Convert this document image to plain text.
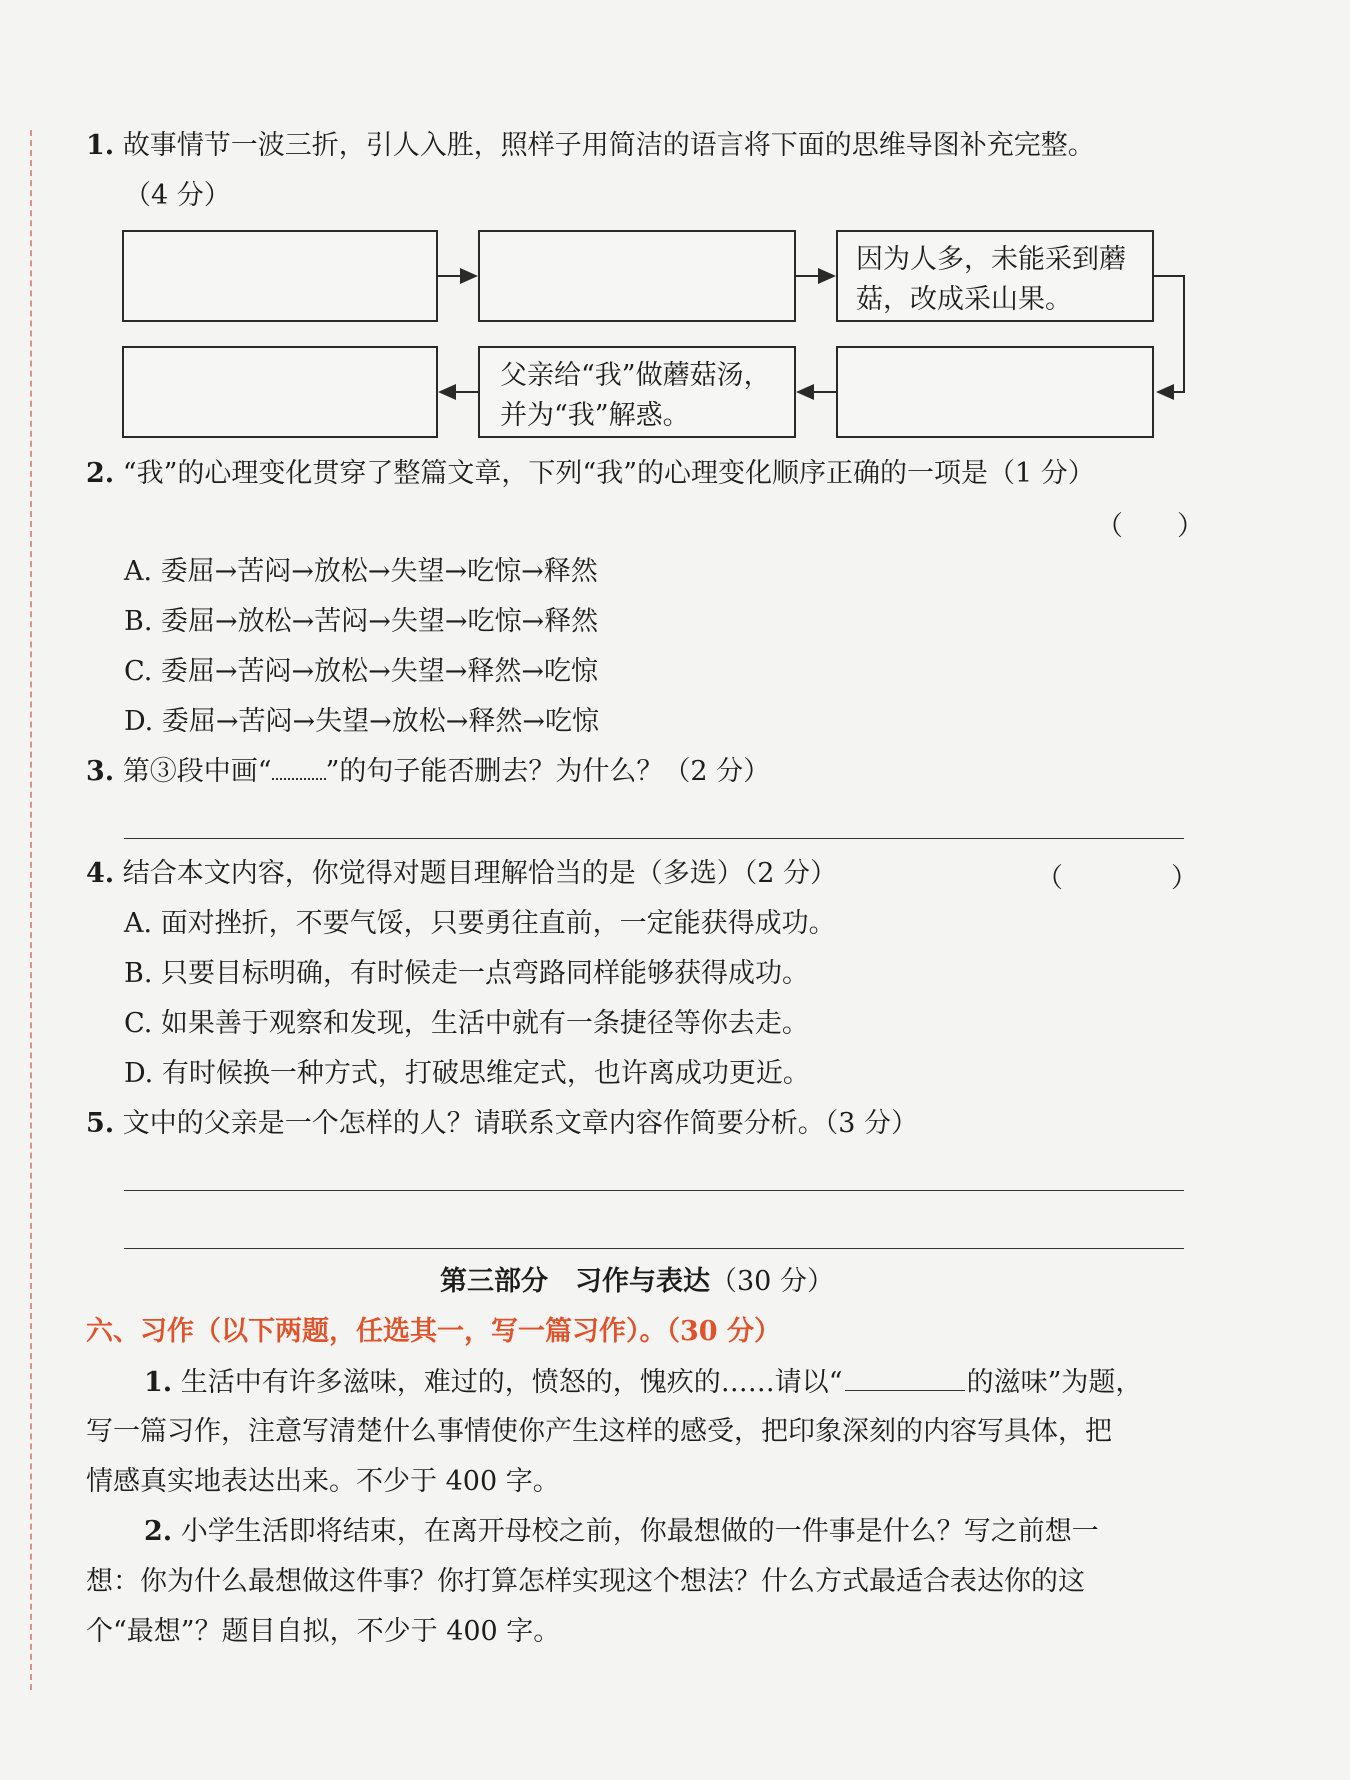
1. 故事情节一波三折，引人入胜，照样子用简洁的语言将下面的思维导图补充完整。
（4 分）
因为人多，未能采到蘑菇，改成采山果。
父亲给“我”做蘑菇汤，并为“我”解惑。
2. “我”的心理变化贯穿了整篇文章，下列“我”的心理变化顺序正确的一项是（1 分）
（　　）
A. 委屈→苦闷→放松→失望→吃惊→释然
B. 委屈→放松→苦闷→失望→吃惊→释然
C. 委屈→苦闷→放松→失望→释然→吃惊
D. 委屈→苦闷→失望→放松→释然→吃惊
3. 第③段中画“ ”的句子能否删去？为什么？（2 分）
4. 结合本文内容，你觉得对题目理解恰当的是（多选）（2 分）	（　　　　）
A. 面对挫折，不要气馁，只要勇往直前，一定能获得成功。
B. 只要目标明确，有时候走一点弯路同样能够获得成功。
C. 如果善于观察和发现，生活中就有一条捷径等你去走。
D. 有时候换一种方式，打破思维定式，也许离成功更近。
5. 文中的父亲是一个怎样的人？请联系文章内容作简要分析。（3 分）
第三部分　习作与表达（30 分）
六、习作（以下两题，任选其一，写一篇习作）。（30 分）
1. 生活中有许多滋味，难过的，愤怒的，愧疚的……请以“	的滋味”为题，
写一篇习作，注意写清楚什么事情使你产生这样的感受，把印象深刻的内容写具体，把
情感真实地表达出来。不少于 400 字。
2. 小学生活即将结束，在离开母校之前，你最想做的一件事是什么？写之前想一
想：你为什么最想做这件事？你打算怎样实现这个想法？什么方式最适合表达你的这
个“最想”？题目自拟，不少于 400 字。
